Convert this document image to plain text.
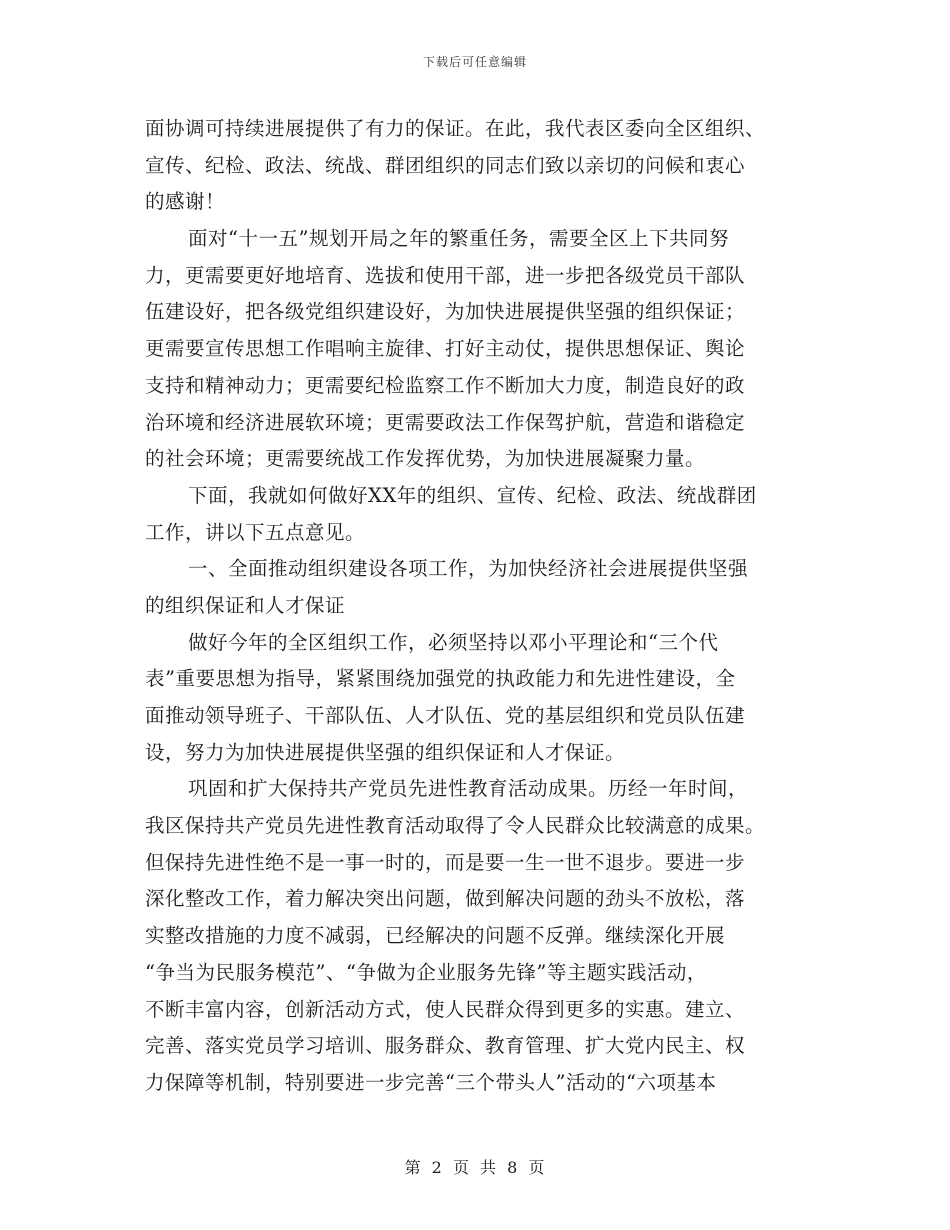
下载后可任意编辑
面协调可持续进展提供了有力的保证。在此，我代表区委向全区组织、
宣传、纪检、政法、统战、群团组织的同志们致以亲切的问候和衷心
的感谢！
面对“十一五”规划开局之年的繁重任务，需要全区上下共同努
力，更需要更好地培育、选拔和使用干部，进一步把各级党员干部队
伍建设好，把各级党组织建设好，为加快进展提供坚强的组织保证；
更需要宣传思想工作唱响主旋律、打好主动仗，提供思想保证、舆论
支持和精神动力；更需要纪检监察工作不断加大力度，制造良好的政
治环境和经济进展软环境；更需要政法工作保驾护航，营造和谐稳定
的社会环境；更需要统战工作发挥优势，为加快进展凝聚力量。
下面，我就如何做好XX年的组织、宣传、纪检、政法、统战群团
工作，讲以下五点意见。
一、全面推动组织建设各项工作，为加快经济社会进展提供坚强
的组织保证和人才保证
做好今年的全区组织工作，必须坚持以邓小平理论和“三个代
表”重要思想为指导，紧紧围绕加强党的执政能力和先进性建设，全
面推动领导班子、干部队伍、人才队伍、党的基层组织和党员队伍建
设，努力为加快进展提供坚强的组织保证和人才保证。
巩固和扩大保持共产党员先进性教育活动成果。历经一年时间，
我区保持共产党员先进性教育活动取得了令人民群众比较满意的成果。
但保持先进性绝不是一事一时的，而是要一生一世不退步。要进一步
深化整改工作，着力解决突出问题，做到解决问题的劲头不放松，落
实整改措施的力度不减弱，已经解决的问题不反弹。继续深化开展
“争当为民服务模范”、“争做为企业服务先锋”等主题实践活动，
不断丰富内容，创新活动方式，使人民群众得到更多的实惠。建立、
完善、落实党员学习培训、服务群众、教育管理、扩大党内民主、权
力保障等机制，特别要进一步完善“三个带头人”活动的“六项基本
第 2 页 共 8 页
